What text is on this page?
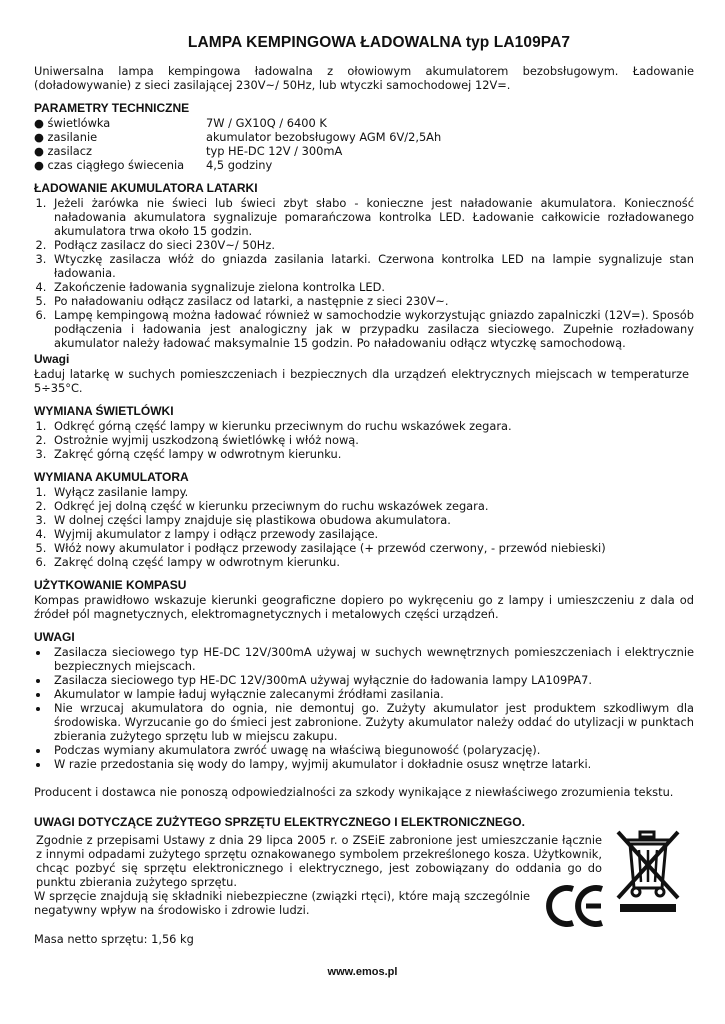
LAMPA KEMPINGOWA ŁADOWALNA typ LA109PA7

Uniwersalna lampa kempingowa ładowalna z ołowiowym akumulatorem bezobsługowym. Ładowanie (doładowywanie) z sieci zasilającej 230V~/ 50Hz, lub wtyczki samochodowej 12V=.

PARAMETRY TECHNICZNE
● świetlówka	7W / GX10Q / 6400 K
● zasilanie	akumulator bezobsługowy AGM 6V/2,5Ah
● zasilacz	typ HE-DC 12V / 300mA
● czas ciągłego świecenia	4,5 godziny
ŁADOWANIE AKUMULATORA LATARKI
1. Jeżeli żarówka nie świeci lub świeci zbyt słabo - konieczne jest naładowanie akumulatora. Konieczność naładowania akumulatora sygnalizuje pomarańczowa kontrolka LED. Ładowanie całkowicie rozładowanego akumulatora trwa około 15 godzin.
2. Podłącz zasilacz do sieci 230V~/ 50Hz.
3. Wtyczkę zasilacza włóż do gniazda zasilania latarki. Czerwona kontrolka LED na lampie sygnalizuje stan ładowania.
4. Zakończenie ładowania sygnalizuje zielona kontrolka LED.
5. Po naładowaniu odłącz zasilacz od latarki, a następnie z sieci 230V~.
6. Lampę kempingową można ładować również w samochodzie wykorzystując gniazdo zapalniczki (12V=). Sposób podłączenia i ładowania jest analogiczny jak w przypadku zasilacza sieciowego. Zupełnie rozładowany akumulator należy ładować maksymalnie 15 godzin. Po naładowaniu odłącz wtyczkę samochodową.
Uwagi

Ładuj latarkę w suchych pomieszczeniach i bezpiecznych dla urządzeń elektrycznych miejscach w temperaturze 5÷35°C.

WYMIANA ŚWIETLÓWKI
1. Odkręć górną część lampy w kierunku przeciwnym do ruchu wskazówek zegara.
2. Ostrożnie wyjmij uszkodzoną świetlówkę i włóż nową.
3. Zakręć górną część lampy w odwrotnym kierunku.
WYMIANA AKUMULATORA
1. Wyłącz zasilanie lampy.
2. Odkręć jej dolną część w kierunku przeciwnym do ruchu wskazówek zegara.
3. W dolnej części lampy znajduje się plastikowa obudowa akumulatora.
4. Wyjmij akumulator z lampy i odłącz przewody zasilające.
5. Włóż nowy akumulator i podłącz przewody zasilające (+ przewód czerwony, - przewód niebieski)
6. Zakręć dolną część lampy w odwrotnym kierunku.
UŻYTKOWANIE KOMPASU

Kompas prawidłowo wskazuje kierunki geograficzne dopiero po wykręceniu go z lampy i umieszczeniu z dala od źródeł pól magnetycznych, elektromagnetycznych i metalowych części urządzeń.

UWAGI
• Zasilacza sieciowego typ HE-DC 12V/300mA używaj w suchych wewnętrznych pomieszczeniach i elektrycznie bezpiecznych miejscach.
• Zasilacza sieciowego typ HE-DC 12V/300mA używaj wyłącznie do ładowania lampy LA109PA7.
• Akumulator w lampie ładuj wyłącznie zalecanymi źródłami zasilania.
• Nie wrzucaj akumulatora do ognia, nie demontuj go. Zużyty akumulator jest produktem szkodliwym dla środowiska. Wyrzucanie go do śmieci jest zabronione. Zużyty akumulator należy oddać do utylizacji w punktach zbierania zużytego sprzętu lub w miejscu zakupu.
• Podczas wymiany akumulatora zwróć uwagę na właściwą biegunowość (polaryzację).
• W razie przedostania się wody do lampy, wyjmij akumulator i dokładnie osusz wnętrze latarki.

Producent i dostawca nie ponoszą odpowiedzialności za szkody wynikające z niewłaściwego zrozumienia tekstu.

UWAGI DOTYCZĄCE ZUŻYTEGO SPRZĘTU ELEKTRYCZNEGO I ELEKTRONICZNEGO.

Zgodnie z przepisami Ustawy z dnia 29 lipca 2005 r. o ZSEiE zabronione jest umieszczanie łącznie z innymi odpadami zużytego sprzętu oznakowanego symbolem przekreślonego kosza. Użytkownik, chcąc pozbyć się sprzętu elektronicznego i elektrycznego, jest zobowiązany do oddania go do punktu zbierania zużytego sprzętu.

W sprzęcie znajdują się składniki niebezpieczne (związki rtęci), które mają szczególnie negatywny wpływ na środowisko i zdrowie ludzi.

Masa netto sprzętu: 1,56 kg
www.emos.pl
